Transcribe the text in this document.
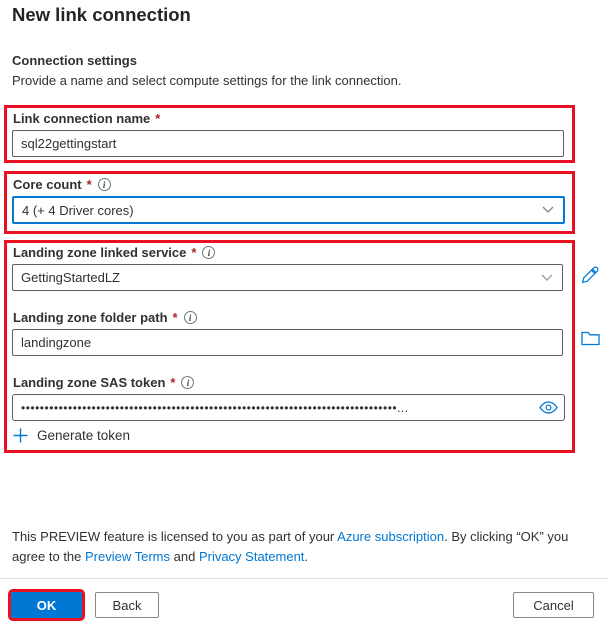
New link connection
Connection settings
Provide a name and select compute settings for the link connection.
Link connection name *
sql22gettingstart
Core count *	i
4 (+ 4 Driver cores)
Landing zone linked service *	i
GettingStartedLZ
Landing zone folder path *	i
landingzone
Landing zone SAS token *	i
••••••••••••••••••••••••••••••••••••••••••••••••••••••••••••••••••••••••••••••••...
Generate token
This PREVIEW feature is licensed to you as part of your Azure subscription. By clicking “OK” you agree to the Preview Terms and Privacy Statement.
OK	Back	Cancel
